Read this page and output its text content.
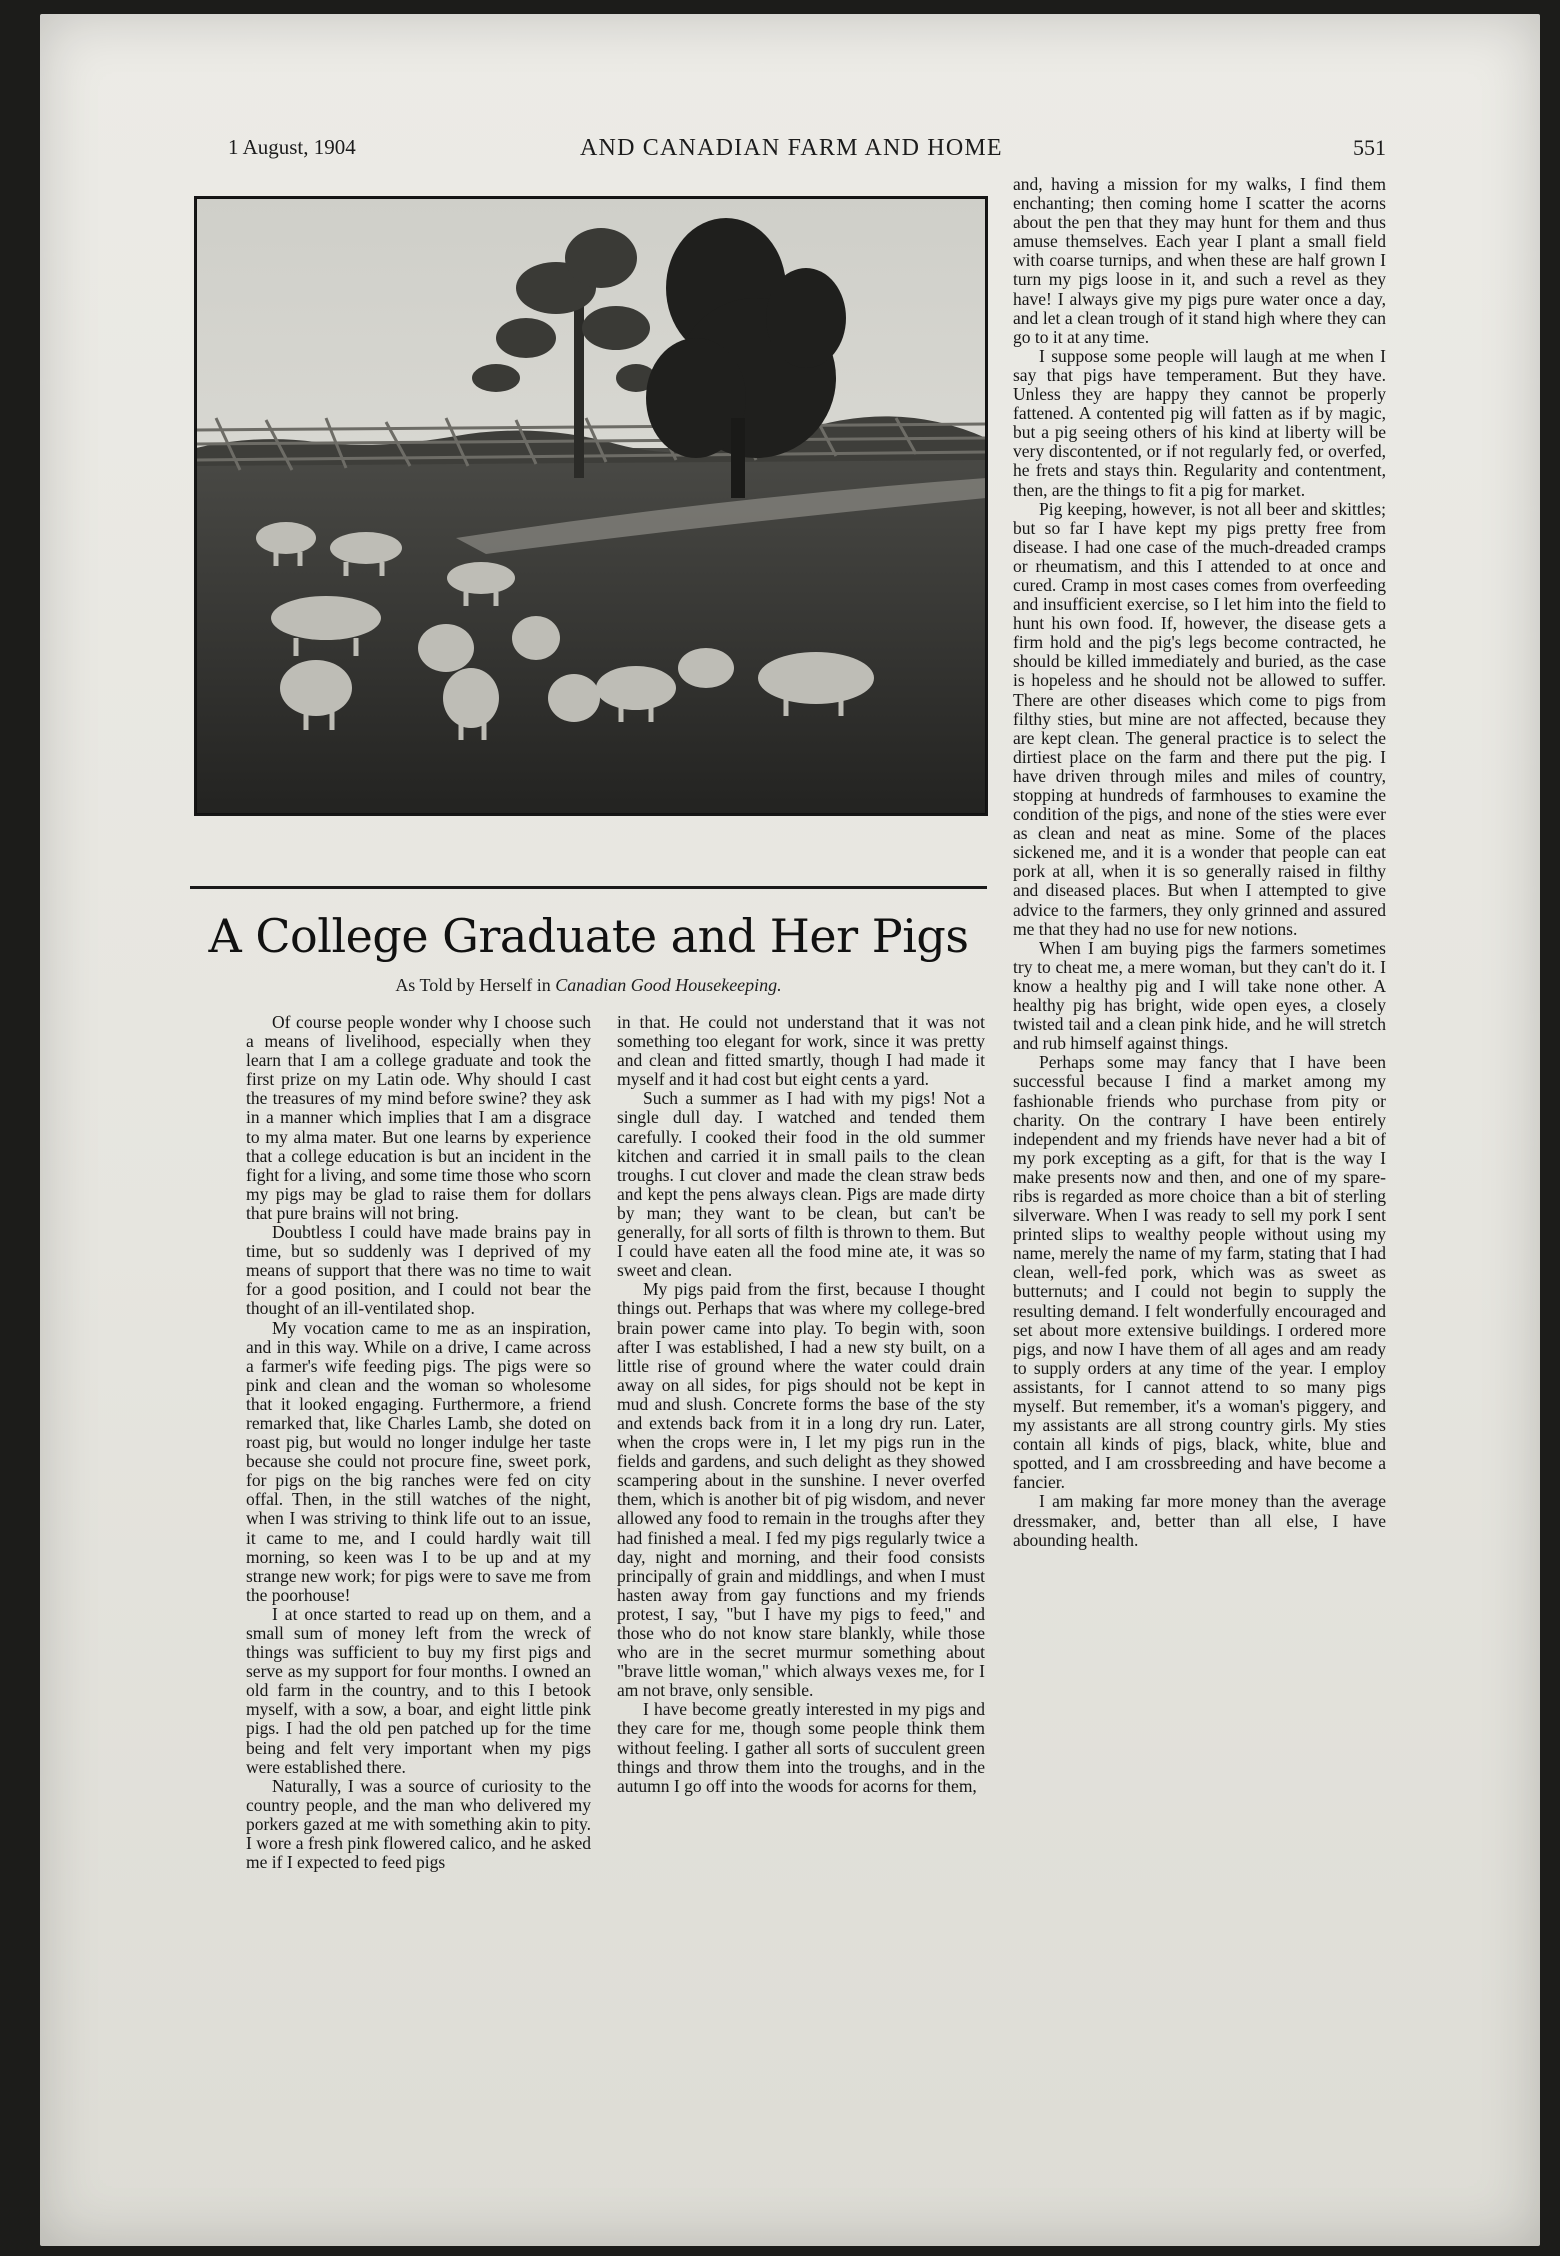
1 August, 1904	AND CANADIAN FARM AND HOME	551
A College Graduate and Her Pigs
As Told by Herself in Canadian Good Housekeeping.

Of course people wonder why I choose such a means of livelihood, especially when they learn that I am a college graduate and took the first prize on my Latin ode. Why should I cast the treasures of my mind before swine? they ask in a manner which implies that I am a disgrace to my alma mater. But one learns by experience that a college education is but an incident in the fight for a living, and some time those who scorn my pigs may be glad to raise them for dollars that pure brains will not bring.

Doubtless I could have made brains pay in time, but so suddenly was I deprived of my means of support that there was no time to wait for a good position, and I could not bear the thought of an ill-ventilated shop.

My vocation came to me as an inspiration, and in this way. While on a drive, I came across a farmer's wife feeding pigs. The pigs were so pink and clean and the woman so wholesome that it looked engaging. Furthermore, a friend remarked that, like Charles Lamb, she doted on roast pig, but would no longer indulge her taste because she could not procure fine, sweet pork, for pigs on the big ranches were fed on city offal. Then, in the still watches of the night, when I was striving to think life out to an issue, it came to me, and I could hardly wait till morning, so keen was I to be up and at my strange new work; for pigs were to save me from the poorhouse!

I at once started to read up on them, and a small sum of money left from the wreck of things was sufficient to buy my first pigs and serve as my support for four months. I owned an old farm in the country, and to this I betook myself, with a sow, a boar, and eight little pink pigs. I had the old pen patched up for the time being and felt very important when my pigs were established there.

Naturally, I was a source of curiosity to the country people, and the man who delivered my porkers gazed at me with something akin to pity. I wore a fresh pink flowered calico, and he asked me if I expected to feed pigs

in that. He could not understand that it was not something too elegant for work, since it was pretty and clean and fitted smartly, though I had made it myself and it had cost but eight cents a yard.

Such a summer as I had with my pigs! Not a single dull day. I watched and tended them carefully. I cooked their food in the old summer kitchen and carried it in small pails to the clean troughs. I cut clover and made the clean straw beds and kept the pens always clean. Pigs are made dirty by man; they want to be clean, but can't be generally, for all sorts of filth is thrown to them. But I could have eaten all the food mine ate, it was so sweet and clean.

My pigs paid from the first, because I thought things out. Perhaps that was where my college-bred brain power came into play. To begin with, soon after I was established, I had a new sty built, on a little rise of ground where the water could drain away on all sides, for pigs should not be kept in mud and slush. Concrete forms the base of the sty and extends back from it in a long dry run. Later, when the crops were in, I let my pigs run in the fields and gardens, and such delight as they showed scampering about in the sunshine. I never overfed them, which is another bit of pig wisdom, and never allowed any food to remain in the troughs after they had finished a meal. I fed my pigs regularly twice a day, night and morning, and their food consists principally of grain and middlings, and when I must hasten away from gay functions and my friends protest, I say, "but I have my pigs to feed," and those who do not know stare blankly, while those who are in the secret murmur something about "brave little woman," which always vexes me, for I am not brave, only sensible.

I have become greatly interested in my pigs and they care for me, though some people think them without feeling. I gather all sorts of succulent green things and throw them into the troughs, and in the autumn I go off into the woods for acorns for them,

and, having a mission for my walks, I find them enchanting; then coming home I scatter the acorns about the pen that they may hunt for them and thus amuse themselves. Each year I plant a small field with coarse turnips, and when these are half grown I turn my pigs loose in it, and such a revel as they have! I always give my pigs pure water once a day, and let a clean trough of it stand high where they can go to it at any time.

I suppose some people will laugh at me when I say that pigs have temperament. But they have. Unless they are happy they cannot be properly fattened. A contented pig will fatten as if by magic, but a pig seeing others of his kind at liberty will be very discontented, or if not regularly fed, or overfed, he frets and stays thin. Regularity and contentment, then, are the things to fit a pig for market.

Pig keeping, however, is not all beer and skittles; but so far I have kept my pigs pretty free from disease. I had one case of the much-dreaded cramps or rheumatism, and this I attended to at once and cured. Cramp in most cases comes from overfeeding and insufficient exercise, so I let him into the field to hunt his own food. If, however, the disease gets a firm hold and the pig's legs become contracted, he should be killed immediately and buried, as the case is hopeless and he should not be allowed to suffer. There are other diseases which come to pigs from filthy sties, but mine are not affected, because they are kept clean. The general practice is to select the dirtiest place on the farm and there put the pig. I have driven through miles and miles of country, stopping at hundreds of farmhouses to examine the condition of the pigs, and none of the sties were ever as clean and neat as mine. Some of the places sickened me, and it is a wonder that people can eat pork at all, when it is so generally raised in filthy and diseased places. But when I attempted to give advice to the farmers, they only grinned and assured me that they had no use for new notions.

When I am buying pigs the farmers sometimes try to cheat me, a mere woman, but they can't do it. I know a healthy pig and I will take none other. A healthy pig has bright, wide open eyes, a closely twisted tail and a clean pink hide, and he will stretch and rub himself against things.

Perhaps some may fancy that I have been successful because I find a market among my fashionable friends who purchase from pity or charity. On the contrary I have been entirely independent and my friends have never had a bit of my pork excepting as a gift, for that is the way I make presents now and then, and one of my spare-ribs is regarded as more choice than a bit of sterling silverware. When I was ready to sell my pork I sent printed slips to wealthy people without using my name, merely the name of my farm, stating that I had clean, well-fed pork, which was as sweet as butternuts; and I could not begin to supply the resulting demand. I felt wonderfully encouraged and set about more extensive buildings. I ordered more pigs, and now I have them of all ages and am ready to supply orders at any time of the year. I employ assistants, for I cannot attend to so many pigs myself. But remember, it's a woman's piggery, and my assistants are all strong country girls. My sties contain all kinds of pigs, black, white, blue and spotted, and I am crossbreeding and have become a fancier.

I am making far more money than the average dressmaker, and, better than all else, I have abounding health.
